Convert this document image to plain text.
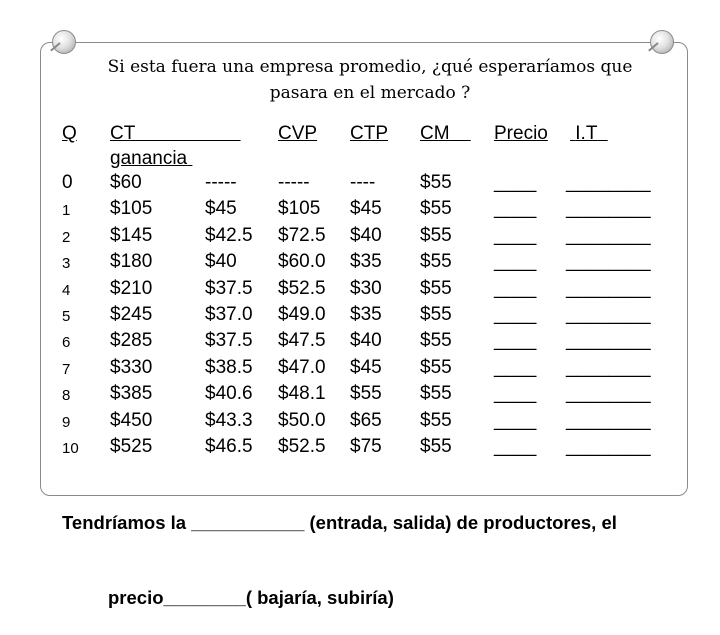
Si esta fuera una empresa promedio, ¿qué esperaríamos que
pasara en el mercado ?
Q CT	CVP CTP CM	Precio I.T
ganancia
0 $60	----- ----- ---- $55 ____ ________
1 $105	$45 $105 $45 $55 ____ ________
2 $145	$42.5 $72.5 $40 $55 ____ ________
3 $180	$40 $60.0 $35 $55 ____ ________
4 $210	$37.5 $52.5 $30 $55 ____ ________
5 $245	$37.0 $49.0 $35 $55 ____ ________
6 $285	$37.5 $47.5 $40 $55 ____ ________
7 $330	$38.5 $47.0 $45 $55 ____ ________
8 $385	$40.6 $48.1 $55 $55 ____ ________
9 $450	$43.3 $50.0 $65 $55 ____ ________
10 $525	$46.5 $52.5 $75 $55 ____ ________

Tendríamos la ___________ (entrada, salida) de productores, el

precio________( bajaría, subiría)
